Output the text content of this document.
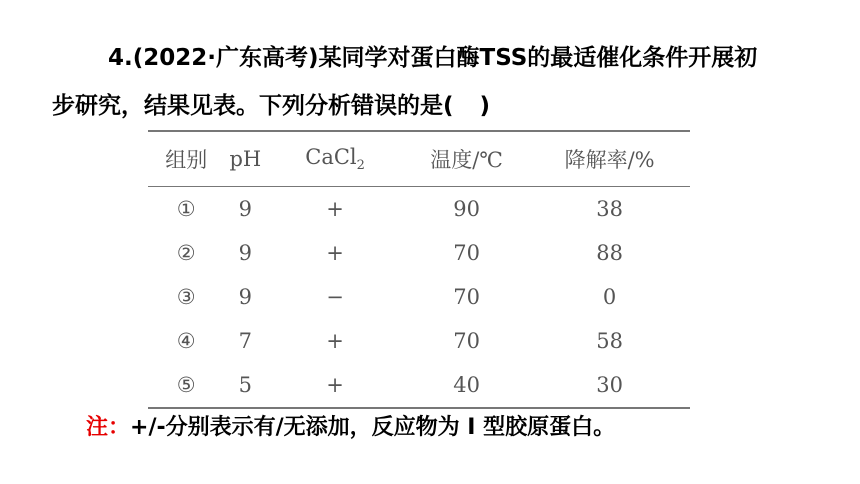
4.(2022·广东高考)某同学对蛋白酶TSS的最适催化条件开展初
步研究，结果见表。下列分析错误的是( )
组别	pH	CaCl$_2$	温度/℃	降解率/%
①	9	+	90	38
②	9	+	70	88
③	9	−	70	0
④	7	+	70	58
⑤	5	+	40	30
注：+/-分别表示有/无添加，反应物为 Ⅰ 型胶原蛋白。
